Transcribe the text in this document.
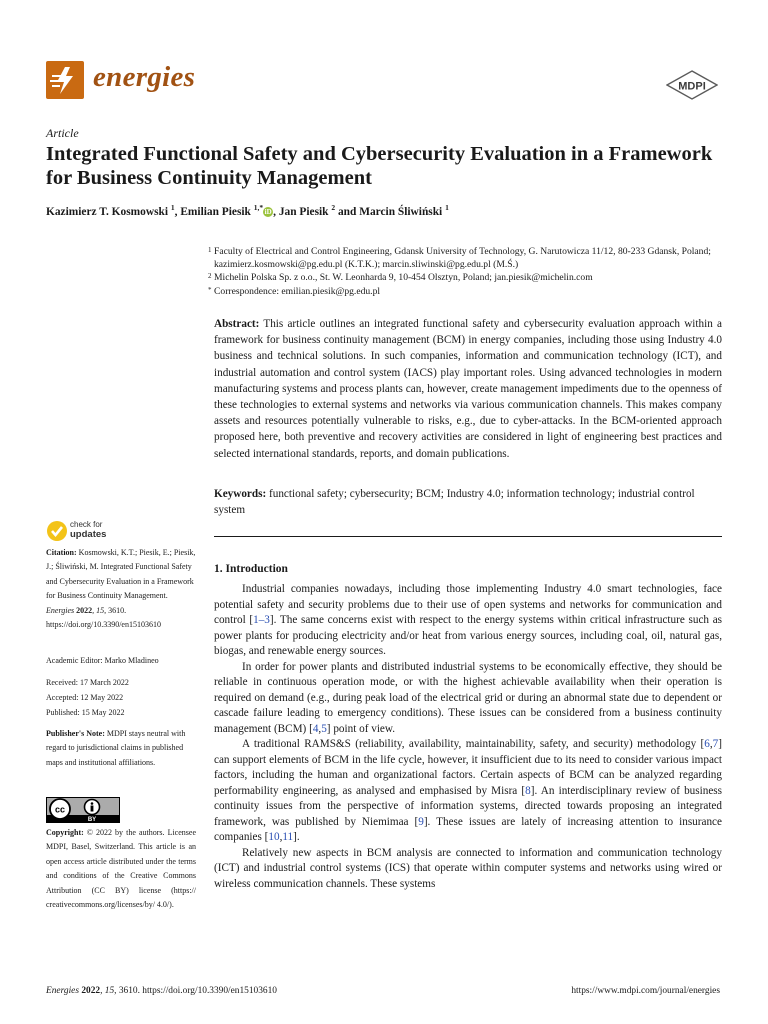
energies	MDPI
Article
Integrated Functional Safety and Cybersecurity Evaluation in a Framework for Business Continuity Management
Kazimierz T. Kosmowski $^1$, Emilian Piesik $^{1,*}$ iD , Jan Piesik $^2$ and Marcin Śliwiński $^1$
1 Faculty of Electrical and Control Engineering, Gdansk University of Technology, G. Narutowicza 11/12, 80-233 Gdansk, Poland; kazimierz.kosmowski@pg.edu.pl (K.T.K.); marcin.sliwinski@pg.edu.pl (M.Ś.)
2 Michelin Polska Sp. z o.o., St. W. Leonharda 9, 10-454 Olsztyn, Poland; jan.piesik@michelin.com
* Correspondence: emilian.piesik@pg.edu.pl

Abstract: This article outlines an integrated functional safety and cybersecurity evaluation approach within a framework for business continuity management (BCM) in energy companies, including those using Industry 4.0 business and technical solutions. In such companies, information and communication technology (ICT), and industrial automation and control system (IACS) play important roles. Using advanced technologies in modern manufacturing systems and process plants can, however, create management impediments due to the openness of these technologies to external systems and networks via various communication channels. This makes company assets and resources potentially vulnerable to risks, e.g., due to cyber-attacks. In the BCM-oriented approach proposed here, both preventive and recovery activities are considered in light of engineering best practices and selected international standards, reports, and domain publications.

Keywords: functional safety; cybersecurity; BCM; Industry 4.0; information technology; industrial control system

check for
updates
Citation: Kosmowski, K.T.; Piesik, E.; Piesik, J.; Śliwiński, M. Integrated Functional Safety and Cybersecurity Evaluation in a Framework for Business Continuity Management. Energies 2022, 15, 3610. https://doi.org/10.3390/en15103610
Academic Editor: Marko Mladineo
Received: 17 March 2022
Accepted: 12 May 2022
Published: 15 May 2022
Publisher's Note: MDPI stays neutral with regard to jurisdictional claims in published maps and institutional affiliations.
cc
BY
Copyright: © 2022 by the authors. Licensee MDPI, Basel, Switzerland. This article is an open access article distributed under the terms and conditions of the Creative Commons Attribution (CC BY) license (https:// creativecommons.org/licenses/by/ 4.0/).
1. Introduction

Industrial companies nowadays, including those implementing Industry 4.0 smart technologies, face potential safety and security problems due to their use of open systems and networks for communication and control [1–3]. The same concerns exist with respect to the energy systems within critical infrastructure such as power plants for producing electricity and/or heat from various energy sources, including coal, oil, natural gas, biogas, and renewable energy sources.

In order for power plants and distributed industrial systems to be economically effective, they should be reliable in continuous operation mode, or with the highest achievable availability when their operation is required on demand (e.g., during peak load of the electrical grid or during an abnormal state due to dependent or cascade failure leading to emergency conditions). These issues can be considered from a business continuity management (BCM) [4,5] point of view.

A traditional RAMS&S (reliability, availability, maintainability, safety, and security) methodology [6,7] can support elements of BCM in the life cycle, however, it insufficient due to its need to consider various impact factors, including the human and organizational factors. Certain aspects of BCM can be analyzed regarding performability engineering, as analysed and emphasised by Misra [8]. An interdisciplinary review of business continuity issues from the perspective of information systems, directed towards proposing an integrated framework, was published by Niemimaa [9]. These issues are lately of increasing attention to insurance companies [10,11].

Relatively new aspects in BCM analysis are connected to information and communication technology (ICT) and industrial control systems (ICS) that operate within computer systems and networks using wired or wireless communication channels. These systems

Energies 2022, 15, 3610. https://doi.org/10.3390/en15103610	https://www.mdpi.com/journal/energies
